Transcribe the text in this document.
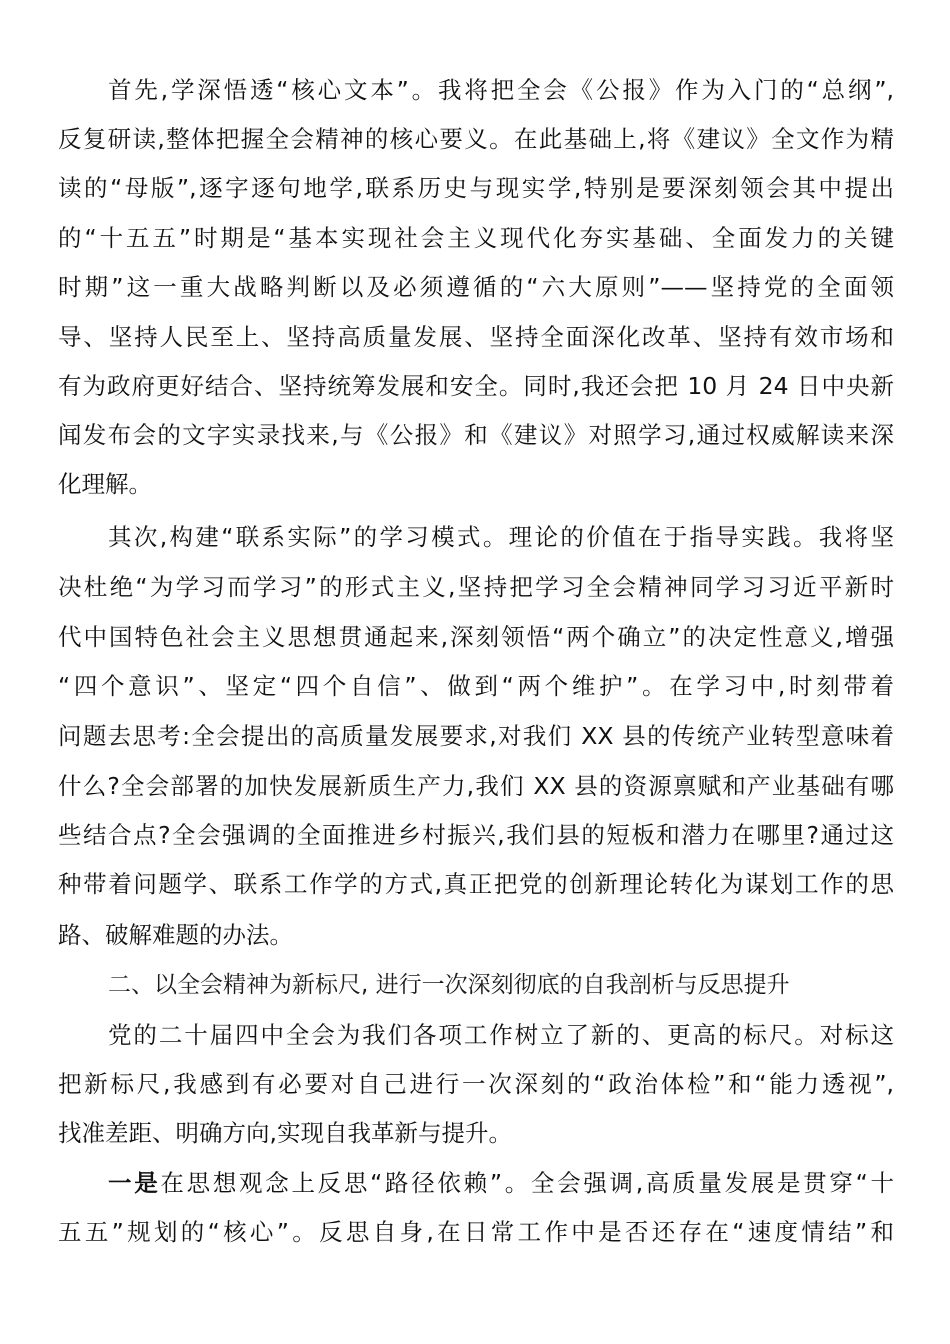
首先,学深悟透“核心文本”。我将把全会《公报》作为入门的“总纲”,
反复研读,整体把握全会精神的核心要义。在此基础上,将《建议》全文作为精
读的“母版”,逐字逐句地学,联系历史与现实学,特别是要深刻领会其中提出
的“十五五”时期是“基本实现社会主义现代化夯实基础、全面发力的关键
时期”这一重大战略判断以及必须遵循的“六大原则”——坚持党的全面领
导、坚持人民至上、坚持高质量发展、坚持全面深化改革、坚持有效市场和
有为政府更好结合、坚持统筹发展和安全。同时,我还会把 10 月 24 日中央新
闻发布会的文字实录找来,与《公报》和《建议》对照学习,通过权威解读来深
化理解。
其次,构建“联系实际”的学习模式。理论的价值在于指导实践。我将坚
决杜绝“为学习而学习”的形式主义,坚持把学习全会精神同学习习近平新时
代中国特色社会主义思想贯通起来,深刻领悟“两个确立”的决定性意义,增强
“四个意识”、坚定“四个自信”、做到“两个维护”。在学习中,时刻带着
问题去思考:全会提出的高质量发展要求,对我们 XX 县的传统产业转型意味着
什么?全会部署的加快发展新质生产力,我们 XX 县的资源禀赋和产业基础有哪
些结合点?全会强调的全面推进乡村振兴,我们县的短板和潜力在哪里?通过这
种带着问题学、联系工作学的方式,真正把党的创新理论转化为谋划工作的思
路、破解难题的办法。
二、以全会精神为新标尺, 进行一次深刻彻底的自我剖析与反思提升
党的二十届四中全会为我们各项工作树立了新的、更高的标尺。对标这
把新标尺,我感到有必要对自己进行一次深刻的“政治体检”和“能力透视”,
找准差距、明确方向,实现自我革新与提升。
一是在思想观念上反思“路径依赖”。全会强调,高质量发展是贯穿“十
五五”规划的“核心”。反思自身,在日常工作中是否还存在“速度情结”和
